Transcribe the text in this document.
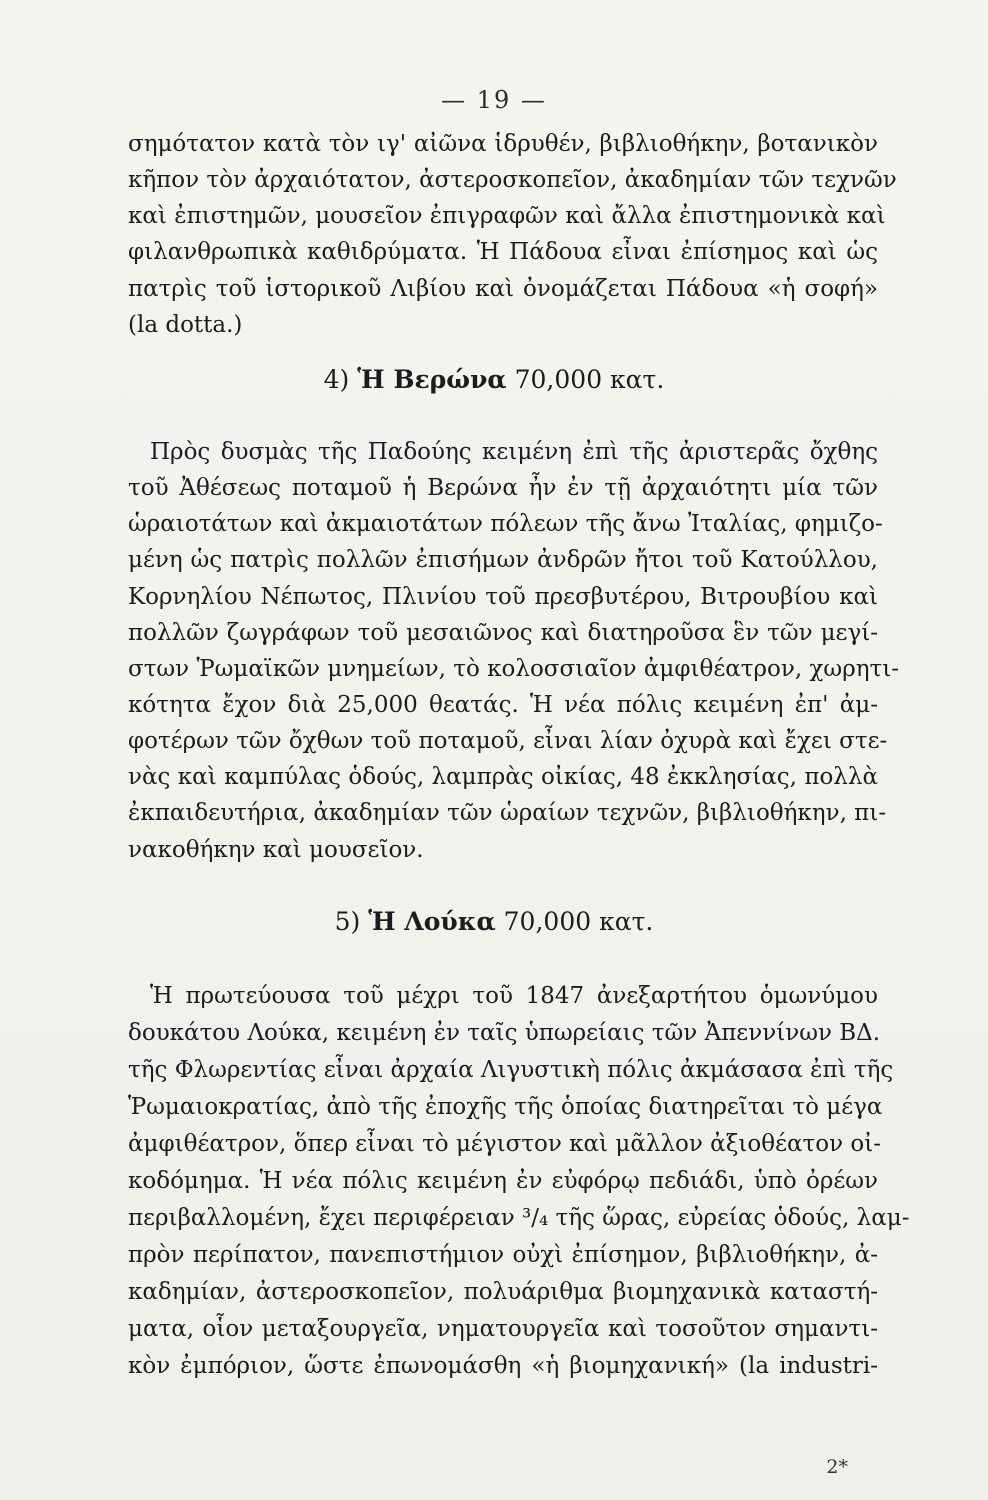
— 19 —
σημότατον κατὰ τὸν ιγ' αἰῶνα ἱδρυθέν, βιβλιοθήκην, βοτανικὸν
κῆπον τὸν ἀρχαιότατον, ἀστεροσκοπεῖον, ἀκαδημίαν τῶν τεχνῶν
καὶ ἐπιστημῶν, μουσεῖον ἐπιγραφῶν καὶ ἄλλα ἐπιστημονικὰ καὶ
φιλανθρωπικὰ καθιδρύματα. Ἡ Πάδουα εἶναι ἐπίσημος καὶ ὡς
πατρὶς τοῦ ἱστορικοῦ Λιβίου καὶ ὀνομάζεται Πάδουα «ἡ σοφή»
(la dotta.)
4) Ἡ Βερώνα 70,000 κατ.
Πρὸς δυσμὰς τῆς Παδούης κειμένη ἐπὶ τῆς ἀριστερᾶς ὄχθης
τοῦ Ἀθέσεως ποταμοῦ ἡ Βερώνα ἦν ἐν τῇ ἀρχαιότητι μία τῶν
ὡραιοτάτων καὶ ἀκμαιοτάτων πόλεων τῆς ἄνω Ἰταλίας, φημιζο-
μένη ὡς πατρὶς πολλῶν ἐπισήμων ἀνδρῶν ἤτοι τοῦ Κατούλλου,
Κορνηλίου Νέπωτος, Πλινίου τοῦ πρεσβυτέρου, Βιτρουβίου καὶ
πολλῶν ζωγράφων τοῦ μεσαιῶνος καὶ διατηροῦσα ἓν τῶν μεγί-
στων Ῥωμαϊκῶν μνημείων, τὸ κολοσσιαῖον ἀμφιθέατρον, χωρητι-
κότητα ἔχον διὰ 25,000 θεατάς. Ἡ νέα πόλις κειμένη ἐπ' ἀμ-
φοτέρων τῶν ὄχθων τοῦ ποταμοῦ, εἶναι λίαν ὀχυρὰ καὶ ἔχει στε-
νὰς καὶ καμπύλας ὁδούς, λαμπρὰς οἰκίας, 48 ἐκκλησίας, πολλὰ
ἐκπαιδευτήρια, ἀκαδημίαν τῶν ὡραίων τεχνῶν, βιβλιοθήκην, πι-
νακοθήκην καὶ μουσεῖον.
5) Ἡ Λούκα 70,000 κατ.
Ἡ πρωτεύουσα τοῦ μέχρι τοῦ 1847 ἀνεξαρτήτου ὁμωνύμου
δουκάτου Λούκα, κειμένη ἐν ταῖς ὑπωρείαις τῶν Ἀπεννίνων ΒΔ.
τῆς Φλωρεντίας εἶναι ἀρχαία Λιγυστικὴ πόλις ἀκμάσασα ἐπὶ τῆς
Ῥωμαιοκρατίας, ἀπὸ τῆς ἐποχῆς τῆς ὁποίας διατηρεῖται τὸ μέγα
ἀμφιθέατρον, ὅπερ εἶναι τὸ μέγιστον καὶ μᾶλλον ἀξιοθέατον οἰ-
κοδόμημα. Ἡ νέα πόλις κειμένη ἐν εὐφόρῳ πεδιάδι, ὑπὸ ὀρέων
περιβαλλομένη, ἔχει περιφέρειαν ³/₄ τῆς ὥρας, εὐρείας ὁδούς, λαμ-
πρὸν περίπατον, πανεπιστήμιον οὐχὶ ἐπίσημον, βιβλιοθήκην, ἀ-
καδημίαν, ἀστεροσκοπεῖον, πολυάριθμα βιομηχανικὰ καταστή-
ματα, οἷον μεταξουργεῖα, νηματουργεῖα καὶ τοσοῦτον σημαντι-
κὸν ἐμπόριον, ὥστε ἐπωνομάσθη «ἡ βιομηχανική» (la industri-
2*
